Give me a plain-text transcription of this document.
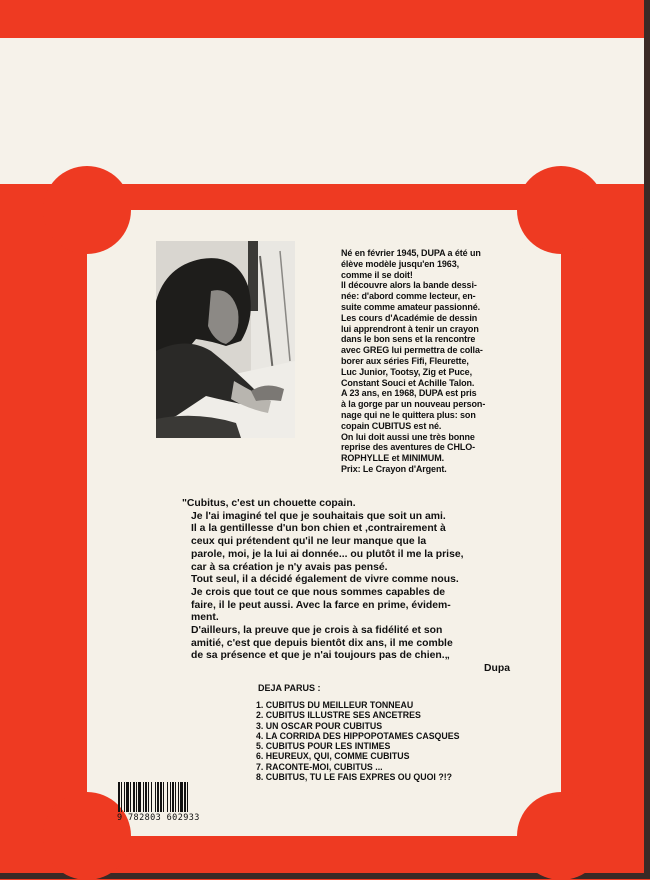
Né en février 1945, DUPA a été un

élève modèle jusqu'en 1963,

comme il se doit!

Il découvre alors la bande dessi-

née: d'abord comme lecteur, en-

suite comme amateur passionné.

Les cours d'Académie de dessin

lui apprendront à tenir un crayon

dans le bon sens et la rencontre

avec GREG lui permettra de colla-

borer aux séries Fifi, Fleurette,

Luc Junior, Tootsy, Zig et Puce,

Constant Souci et Achille Talon.

A 23 ans, en 1968, DUPA est pris

à la gorge par un nouveau person-

nage qui ne le quittera plus: son

copain CUBITUS est né.

On lui doit aussi une très bonne

reprise des aventures de CHLO-

ROPHYLLE et MINIMUM.

Prix: Le Crayon d'Argent.

"Cubitus, c'est un chouette copain.

Je l'ai imaginé tel que je souhaitais que soit un ami.

Il a la gentillesse d'un bon chien et ,contrairement à

ceux qui prétendent qu'il ne leur manque que la

parole, moi, je la lui ai donnée... ou plutôt il me la prise,

car à sa création je n'y avais pas pensé.

Tout seul, il a décidé également de vivre comme nous.

Je crois que tout ce que nous sommes capables de

faire, il le peut aussi. Avec la farce en prime, évidem-

ment.

D'ailleurs, la preuve que je crois à sa fidélité et son

amitié, c'est que depuis bientôt dix ans, il me comble

de sa présence et que je n'ai toujours pas de chien.„

Dupa

DEJA PARUS :
1. CUBITUS DU MEILLEUR TONNEAU
2. CUBITUS ILLUSTRE SES ANCETRES
3. UN OSCAR POUR CUBITUS
4. LA CORRIDA DES HIPPOPOTAMES CASQUES
5. CUBITUS POUR LES INTIMES
6. HEUREUX, QUI, COMME CUBITUS
7. RACONTE-MOI, CUBITUS ...
8. CUBITUS, TU LE FAIS EXPRES OU QUOI ?!?
9 782803 602933
